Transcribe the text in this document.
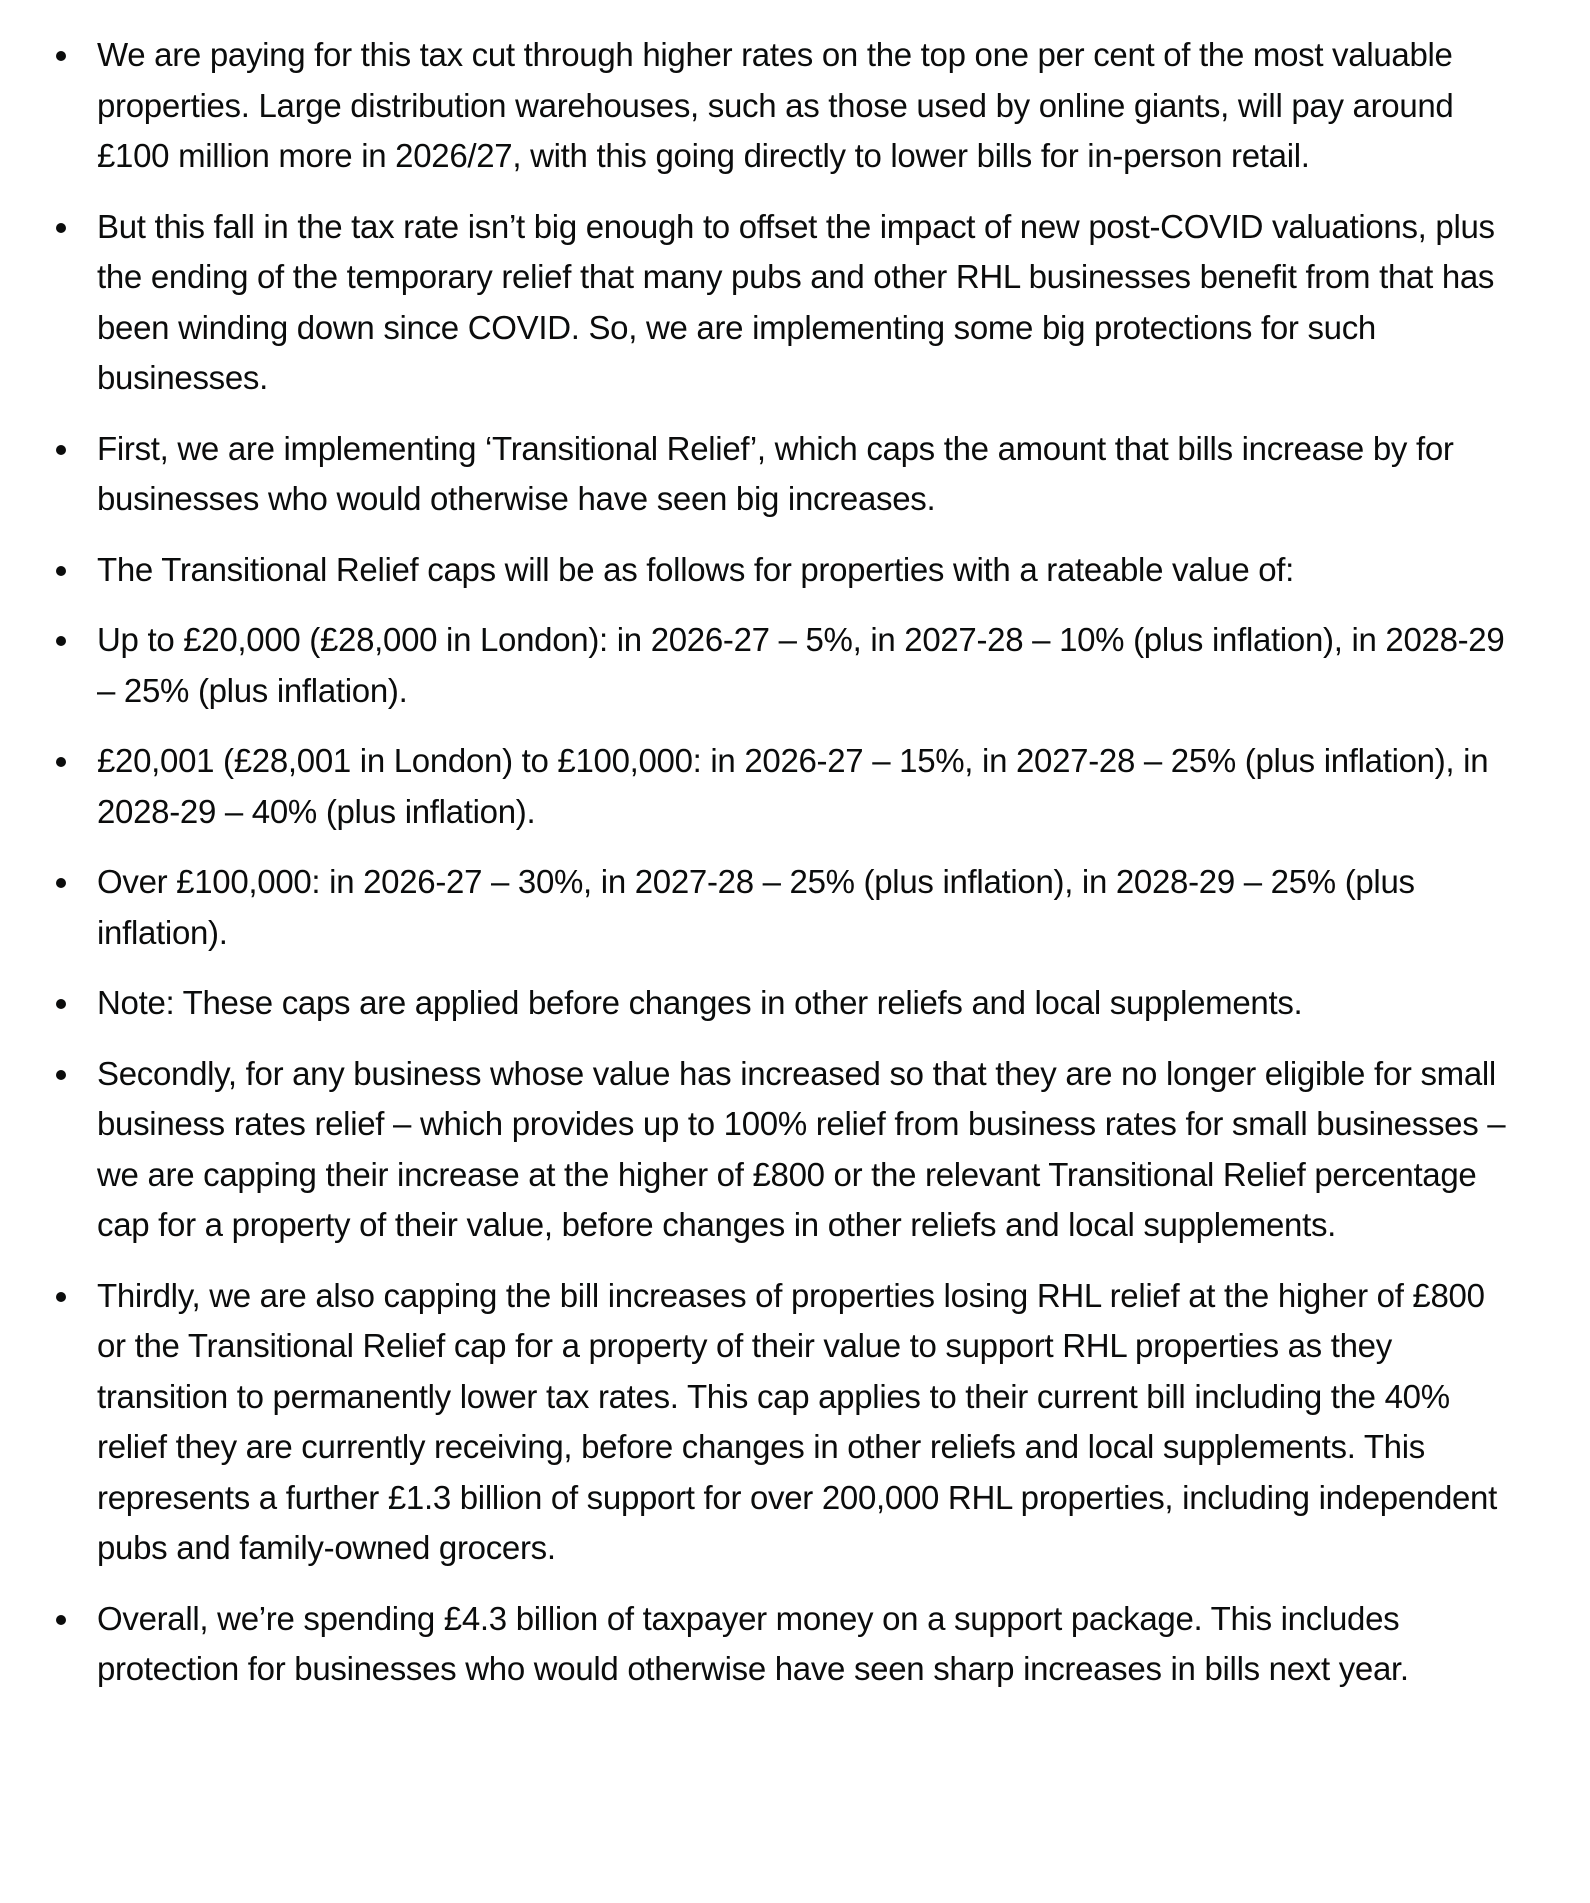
We are paying for this tax cut through higher rates on the top one per cent of the most valuable properties. Large distribution warehouses, such as those used by online giants, will pay around £100 million more in 2026/27, with this going directly to lower bills for in-person retail.
But this fall in the tax rate isn’t big enough to offset the impact of new post-COVID valuations, plus the ending of the temporary relief that many pubs and other RHL businesses benefit from that has been winding down since COVID. So, we are implementing some big protections for such businesses.
First, we are implementing ‘Transitional Relief’, which caps the amount that bills increase by for businesses who would otherwise have seen big increases.
The Transitional Relief caps will be as follows for properties with a rateable value of:
Up to £20,000 (£28,000 in London): in 2026-27 – 5%, in 2027-28 – 10% (plus inflation), in 2028-29 – 25% (plus inflation).
£20,001 (£28,001 in London) to £100,000: in 2026-27 – 15%, in 2027-28 – 25% (plus inflation), in 2028-29 – 40% (plus inflation).
Over £100,000: in 2026-27 – 30%, in 2027-28 – 25% (plus inflation), in 2028-29 – 25% (plus inflation).
Note: These caps are applied before changes in other reliefs and local supplements.
Secondly, for any business whose value has increased so that they are no longer eligible for small business rates relief – which provides up to 100% relief from business rates for small businesses – we are capping their increase at the higher of £800 or the relevant Transitional Relief percentage cap for a property of their value, before changes in other reliefs and local supplements.
Thirdly, we are also capping the bill increases of properties losing RHL relief at the higher of £800 or the Transitional Relief cap for a property of their value to support RHL properties as they transition to permanently lower tax rates. This cap applies to their current bill including the 40% relief they are currently receiving, before changes in other reliefs and local supplements. This represents a further £1.3 billion of support for over 200,000 RHL properties, including independent pubs and family-owned grocers.
Overall, we’re spending £4.3 billion of taxpayer money on a support package. This includes protection for businesses who would otherwise have seen sharp increases in bills next year.
